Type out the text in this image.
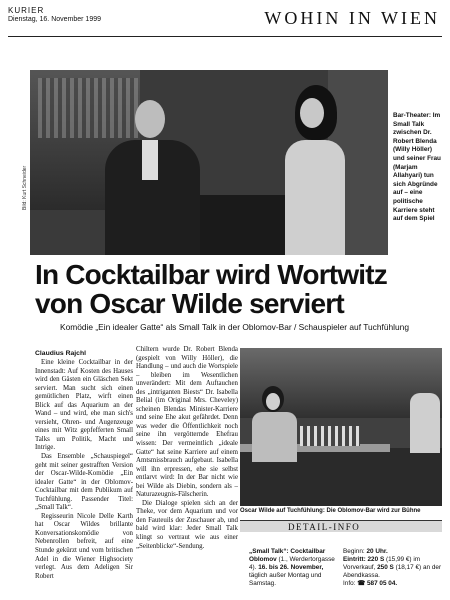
KURIER
Dienstag, 16. November 1999	WOHIN IN WIEN
Bild: Kurt Schneider
Bar-Theater: Im Small Talk zwischen Dr. Robert Blenda (Willy Höller) und seiner Frau (Marjam Allahyari) tun sich Abgründe auf – eine politische Karriere steht auf dem Spiel
In Cocktailbar wird Wortwitz von Oscar Wilde serviert
Komödie „Ein idealer Gatte“ als Small Talk in der Oblomov-Bar / Schauspieler auf Tuchfühlung
Claudius Rajchl

Eine kleine Cocktailbar in der Innenstadt: Auf Kosten des Hauses wird den Gästen ein Gläschen Sekt serviert. Man sucht sich einen gemütlichen Platz, wirft einen Blick auf das Aquarium an der Wand – und wird, ehe man sich's versieht, Ohren- und Augenzeuge eines mit Witz gepfefferten Small Talks um Politik, Macht und Intrige.

Das Ensemble „Schauspiegel“ geht mit seiner gestrafften Version der Oscar-Wilde-Komödie „Ein idealer Gatte“ in der Oblomov-Cocktailbar mit dem Publikum auf Tuchfühlung. Passender Titel: „Small Talk“.

Regisseurin Nicole Delle Karth hat Oscar Wildes brillante Konversationskomödie von Nebenrollen befreit, auf eine Stunde gekürzt und vom britischen Adel in die Wiener Highsociety verlegt. Aus dem Adeligen Sir Robert

Chiltern wurde Dr. Robert Blenda (gespielt von Willy Höller), die Handlung – und auch die Wortspiele – bleiben im Wesentlichen unverändert: Mit dem Auftauchen des „intriganten Biests“ Dr. Isabella Belial (im Original Mrs. Cheveley) scheinen Blendas Minister-Karriere und seine Ehe akut gefährdet. Denn was weder die Öffentlichkeit noch seine ihn vergötternde Ehefrau wissen: Der vermeintlich „ideale Gatte“ hat seine Karriere auf einem Amtsmissbrauch aufgebaut. Isabella will ihn erpressen, ehe sie selbst entlarvt wird: In der Bar nicht wie bei Wilde als Diebin, sondern als – Naturazeugnis-Fälscherin.

Die Dialoge spielen sich an der Theke, vor dem Aquarium und vor den Fauteuils der Zuschauer ab, und bald wird klar: Jeder Small Talk klingt so vertraut wie aus einer „Seitenblicke“-Sendung.

Oscar Wilde auf Tuchfühlung: Die Oblomov-Bar wird zur Bühne
DETAIL-INFO
„Small Talk“: Cocktailbar Oblomov (1., Werdertorgasse 4). 16. bis 26. November, täglich außer Montag und Samstag.
Beginn: 20 Uhr.
Eintritt: 220 S (15,99 €) im Vorverkauf, 250 S (18,17 €) an der Abendkassa.
Info: ☎ 587 05 04.
